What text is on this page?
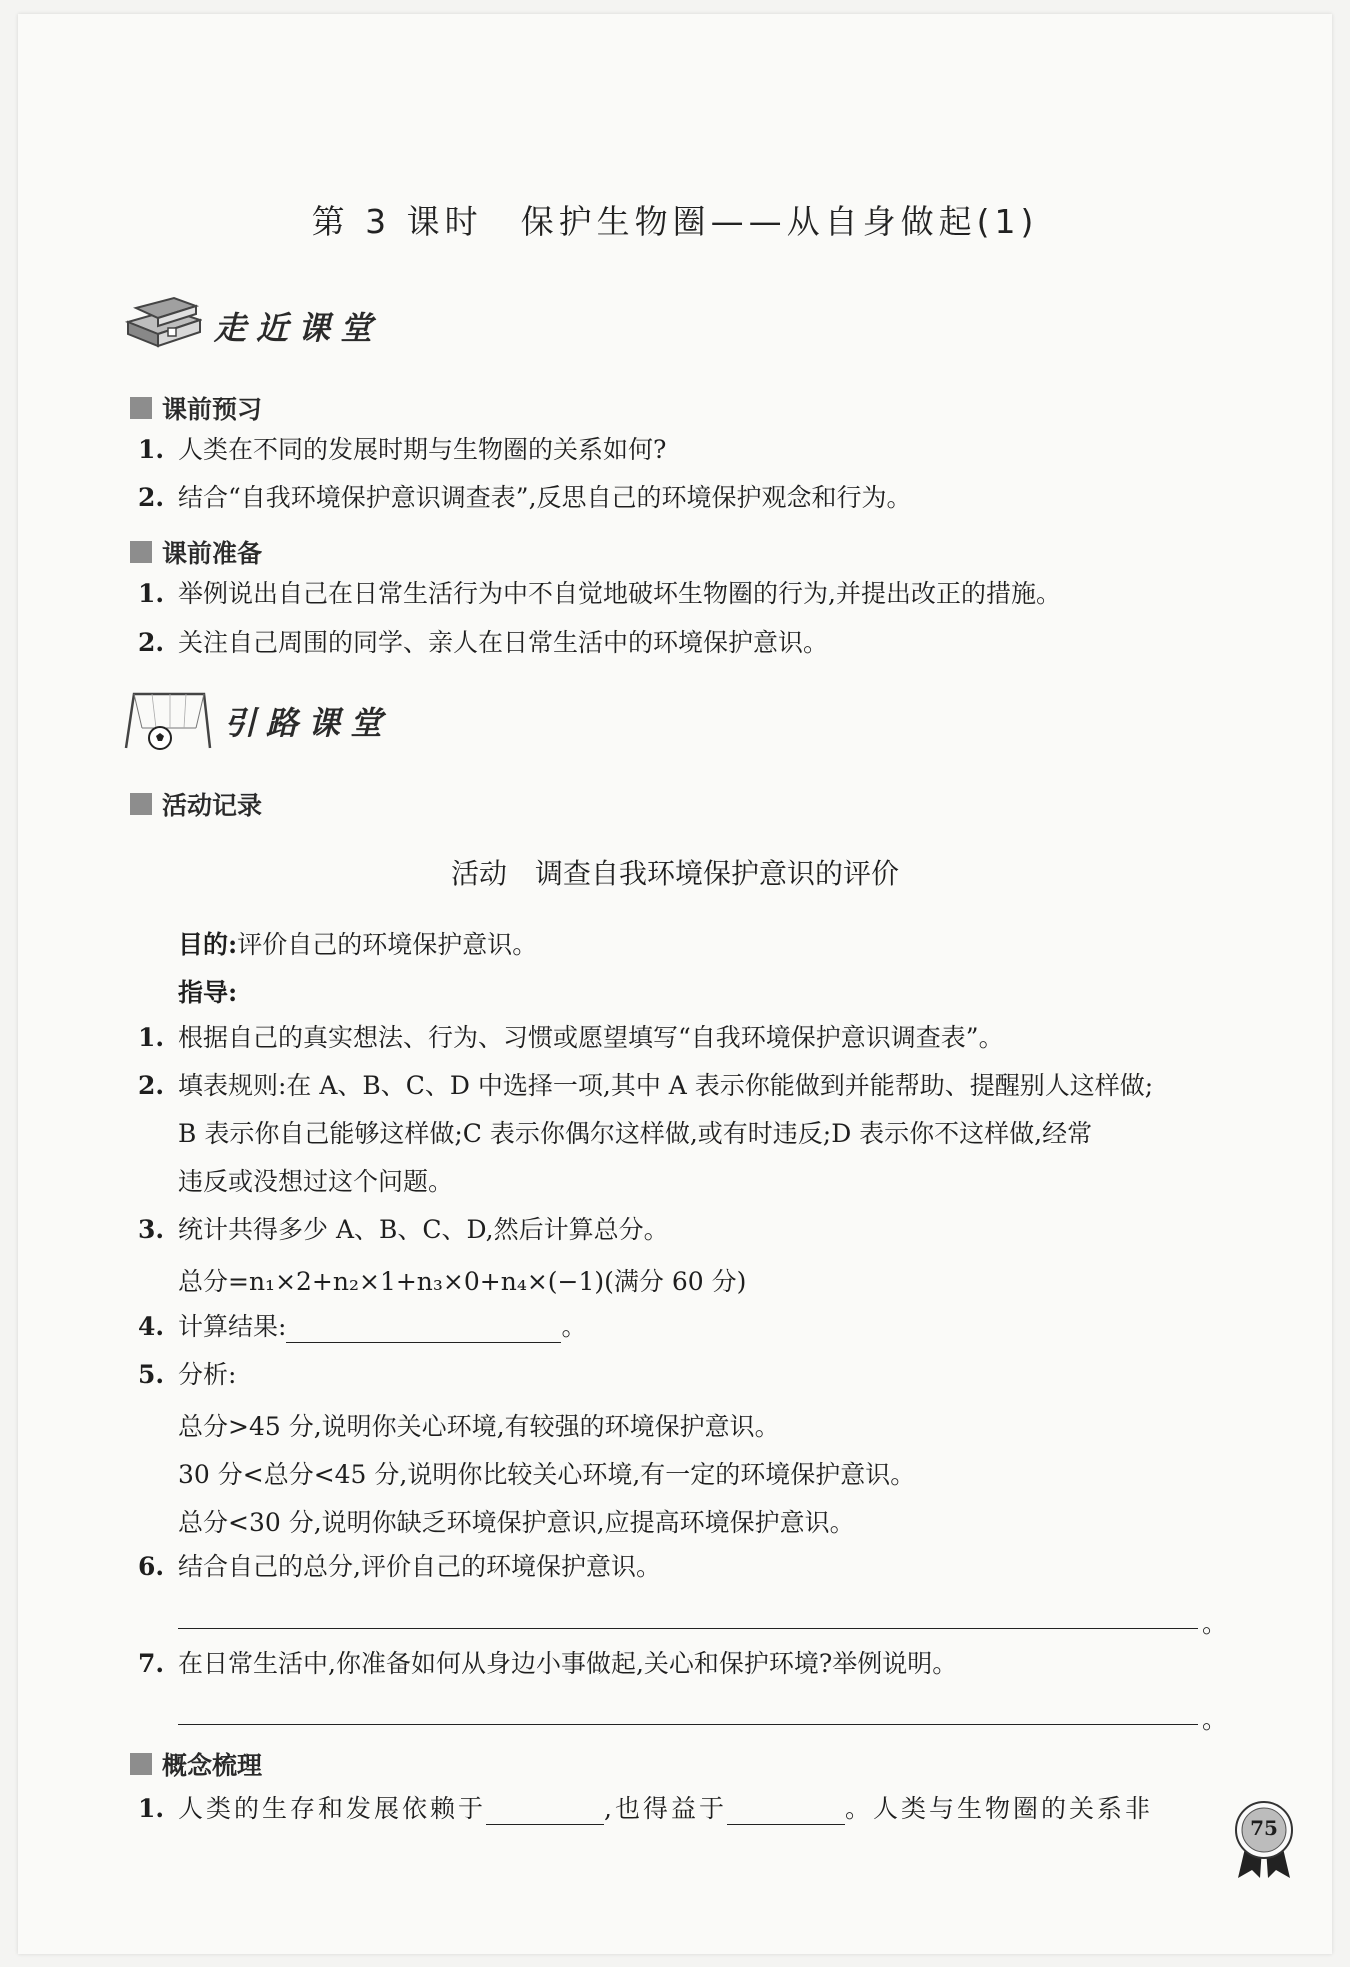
第 3 课时　保护生物圈——从自身做起(1)
走近课堂
课前预习
1. 人类在不同的发展时期与生物圈的关系如何?
2. 结合“自我环境保护意识调查表”,反思自己的环境保护观念和行为。
课前准备
1. 举例说出自己在日常生活行为中不自觉地破坏生物圈的行为,并提出改正的措施。
2. 关注自己周围的同学、亲人在日常生活中的环境保护意识。
引路课堂
活动记录
活动　调查自我环境保护意识的评价
目的:评价自己的环境保护意识。
指导:
1. 根据自己的真实想法、行为、习惯或愿望填写“自我环境保护意识调查表”。
2. 填表规则:在 A、B、C、D 中选择一项,其中 A 表示你能做到并能帮助、提醒别人这样做;
B 表示你自己能够这样做;C 表示你偶尔这样做,或有时违反;D 表示你不这样做,经常
违反或没想过这个问题。
3. 统计共得多少 A、B、C、D,然后计算总分。
总分=n₁×2+n₂×1+n₃×0+n₄×(−1)(满分 60 分)
4. 计算结果:	。
5. 分析:
总分>45 分,说明你关心环境,有较强的环境保护意识。
30 分<总分<45 分,说明你比较关心环境,有一定的环境保护意识。
总分<30 分,说明你缺乏环境保护意识,应提高环境保护意识。
6. 结合自己的总分,评价自己的环境保护意识。
。
7. 在日常生活中,你准备如何从身边小事做起,关心和保护环境?举例说明。
。
概念梳理
1. 人类的生存和发展依赖于	,也得益于	。人类与生物圈的关系非
75
